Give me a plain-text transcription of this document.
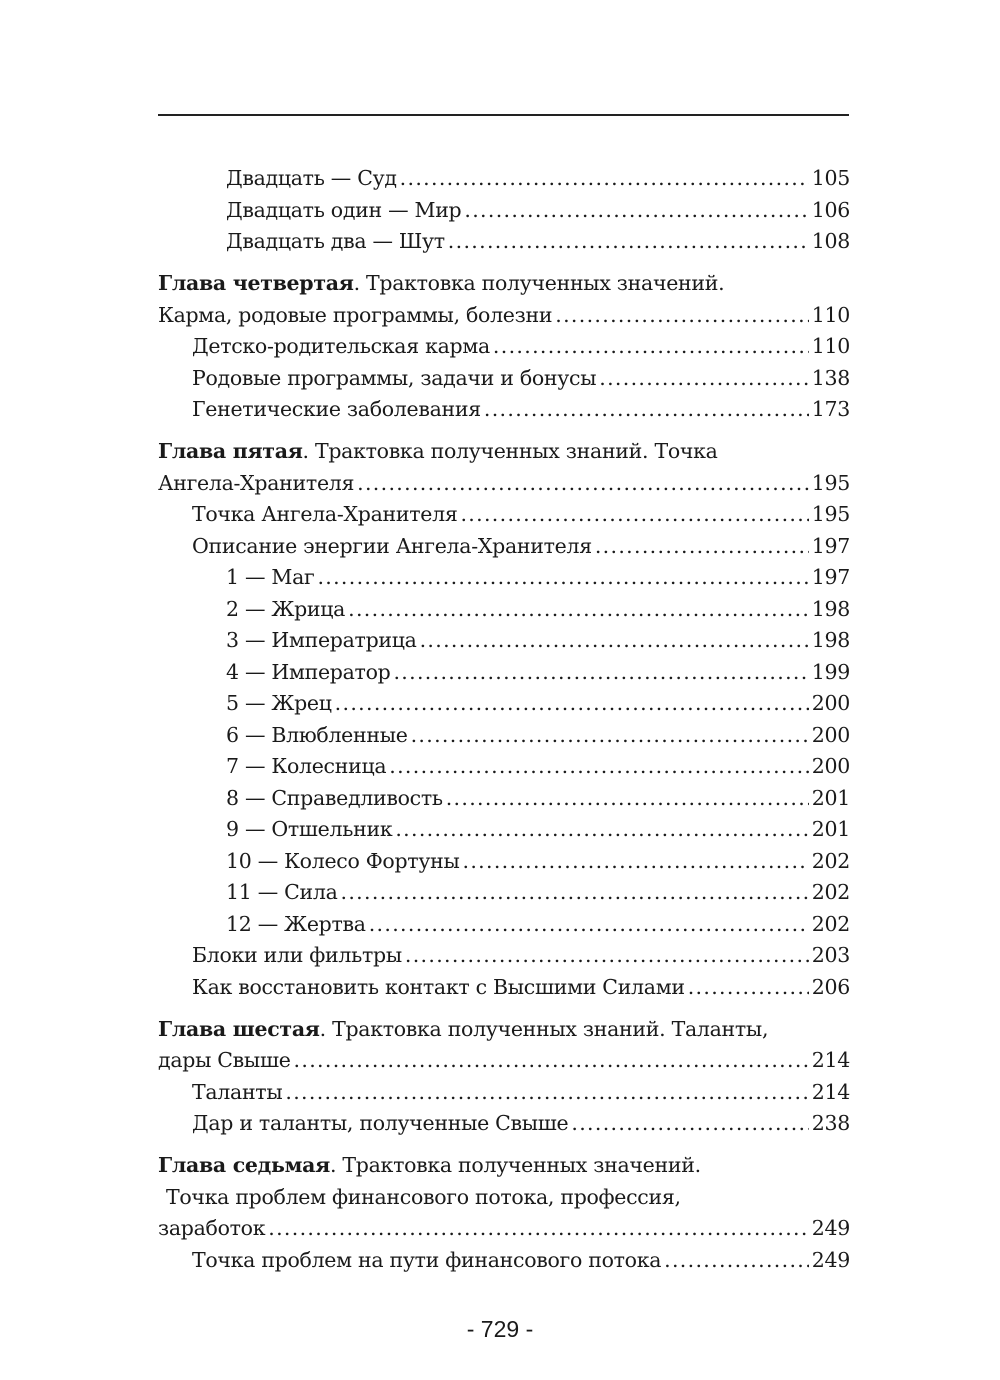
Двадцать — Суд . . .	105
Двадцать один — Мир . . .	106
Двадцать два — Шут . . .	108
Глава четвертая. Трактовка полученных значений.
Карма, родовые программы, болезни . . .	110
Детско-родительская карма . . .	110
Родовые программы, задачи и бонусы . . .	138
Генетические заболевания . . .	173
Глава пятая. Трактовка полученных знаний. Точка
Ангела-Хранителя . . .	195
Точка Ангела-Хранителя . . .	195
Описание энергии Ангела-Хранителя . . .	197
1 — Маг . . .	197
2 — Жрица . . .	198
3 — Императрица . . .	198
4 — Император . . .	199
5 — Жрец . . .	200
6 — Влюбленные . . .	200
7 — Колесница . . .	200
8 — Справедливость . . .	201
9 — Отшельник . . .	201
10 — Колесо Фортуны . . .	202
11 — Сила . . .	202
12 — Жертва . . .	202
Блоки или фильтры . . .	203
Как восстановить контакт с Высшими Силами . . .	206
Глава шестая. Трактовка полученных знаний. Таланты,
дары Свыше . . .	214
Таланты . . .	214
Дар и таланты, полученные Свыше . . .	238
Глава седьмая. Трактовка полученных значений.
Точка проблем финансового потока, профессия,
заработок . . .	249
Точка проблем на пути финансового потока . . .	249
- 729 -
